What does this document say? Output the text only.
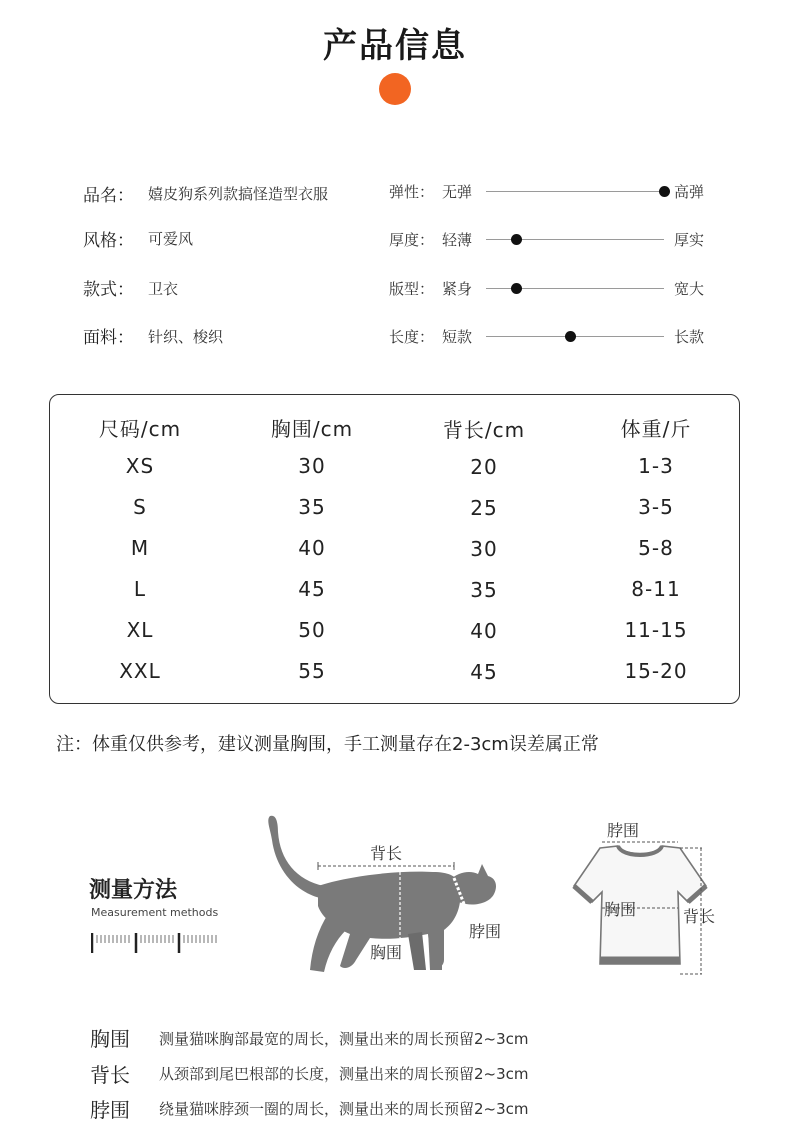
产品信息
品名： 嬉皮狗系列款搞怪造型衣服
风格： 可爱风
款式： 卫衣
面料： 针织、梭织
弹性： 无弹	高弹
厚度： 轻薄	厚实
版型： 紧身	宽大
长度： 短款	长款
尺码/cm	胸围/cm	背长/cm	体重/斤
XS	30	20	1-3
S	35	25	3-5
M	40	30	5-8
L	45	35	8-11
XL	50	40	11-15
XXL	55	45	15-20
注：体重仅供参考，建议测量胸围，手工测量存在2-3cm误差属正常
测量方法
Measurement methods
背长
脖围
胸围
脖围
胸围	背长
胸围 测量猫咪胸部最宽的周长，测量出来的周长预留2~3cm
背长 从颈部到尾巴根部的长度，测量出来的周长预留2~3cm
脖围 绕量猫咪脖颈一圈的周长，测量出来的周长预留2~3cm
